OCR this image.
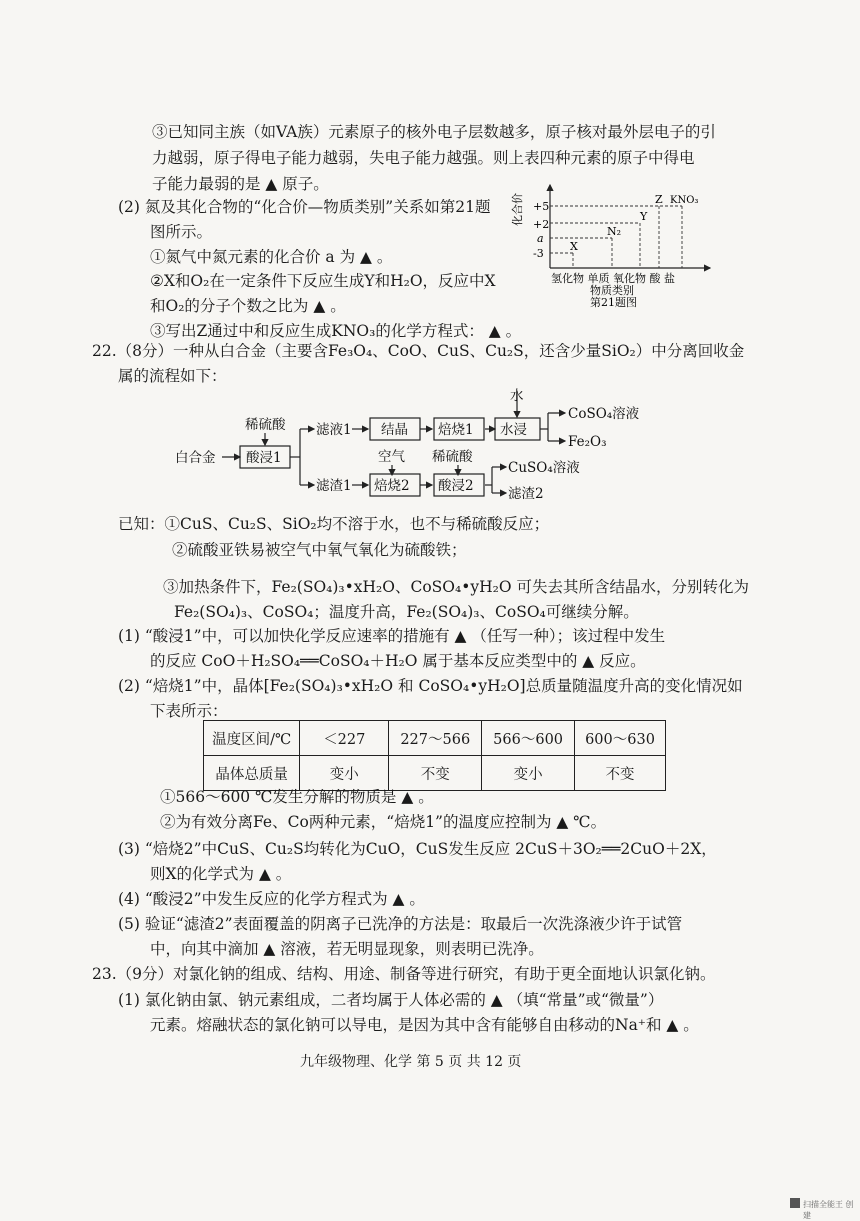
③已知同主族（如VA族）元素原子的核外电子层数越多，原子核对最外层电子的引
力越弱，原子得电子能力越弱，失电子能力越强。则上表四种元素的原子中得电
子能力最弱的是 ▲ 原子。
(2) 氮及其化合物的“化合价—物质类别”关系如第21题
图所示。
①氮气中氮元素的化合价 a 为 ▲ 。
②X和O₂在一定条件下反应生成Y和H₂O，反应中X
和O₂的分子个数之比为 ▲ 。
③写出Z通过中和反应生成KNO₃的化学方程式： ▲ 。
+5
+2
a
-3
X
N₂
Y
Z KNO₃
氢化物 单质 氧化物 酸 盐
物质类别
第21题图
化合价
22.（8分）一种从白合金（主要含Fe₃O₄、CoO、CuS、Cu₂S，还含少量SiO₂）中分离回收金
属的流程如下：
白合金
稀硫酸
酸浸1
滤液1 结晶 焙烧1
水
水浸
CoSO₄溶液
Fe₂O₃
滤渣1
空气
焙烧2
稀硫酸
酸浸2
CuSO₄溶液
滤渣2
已知：①CuS、Cu₂S、SiO₂均不溶于水，也不与稀硫酸反应；
②硫酸亚铁易被空气中氧气氧化为硫酸铁；
③加热条件下，Fe₂(SO₄)₃•xH₂O、CoSO₄•yH₂O 可失去其所含结晶水，分别转化为
Fe₂(SO₄)₃、CoSO₄；温度升高，Fe₂(SO₄)₃、CoSO₄可继续分解。
(1) “酸浸1”中，可以加快化学反应速率的措施有 ▲ （任写一种）；该过程中发生
的反应 CoO＋H₂SO₄══CoSO₄＋H₂O 属于基本反应类型中的 ▲ 反应。
(2) “焙烧1”中，晶体[Fe₂(SO₄)₃•xH₂O 和 CoSO₄•yH₂O]总质量随温度升高的变化情况如
下表所示：
温度区间/℃	＜227	227～566	566～600	600～630
晶体总质量	变小	不变	变小	不变
①566～600 ℃发生分解的物质是 ▲ 。
②为有效分离Fe、Co两种元素，“焙烧1”的温度应控制为 ▲ ℃。
(3) “焙烧2”中CuS、Cu₂S均转化为CuO，CuS发生反应 2CuS＋3O₂══2CuO＋2X，
则X的化学式为 ▲ 。
(4) “酸浸2”中发生反应的化学方程式为 ▲ 。
(5) 验证“滤渣2”表面覆盖的阴离子已洗净的方法是：取最后一次洗涤液少许于试管
中，向其中滴加 ▲ 溶液，若无明显现象，则表明已洗净。
23.（9分）对氯化钠的组成、结构、用途、制备等进行研究，有助于更全面地认识氯化钠。
(1) 氯化钠由氯、钠元素组成，二者均属于人体必需的 ▲ （填“常量”或“微量”）
元素。熔融状态的氯化钠可以导电，是因为其中含有能够自由移动的Na⁺和 ▲ 。
九年级物理、化学 第 5 页 共 12 页
扫描全能王 创建
